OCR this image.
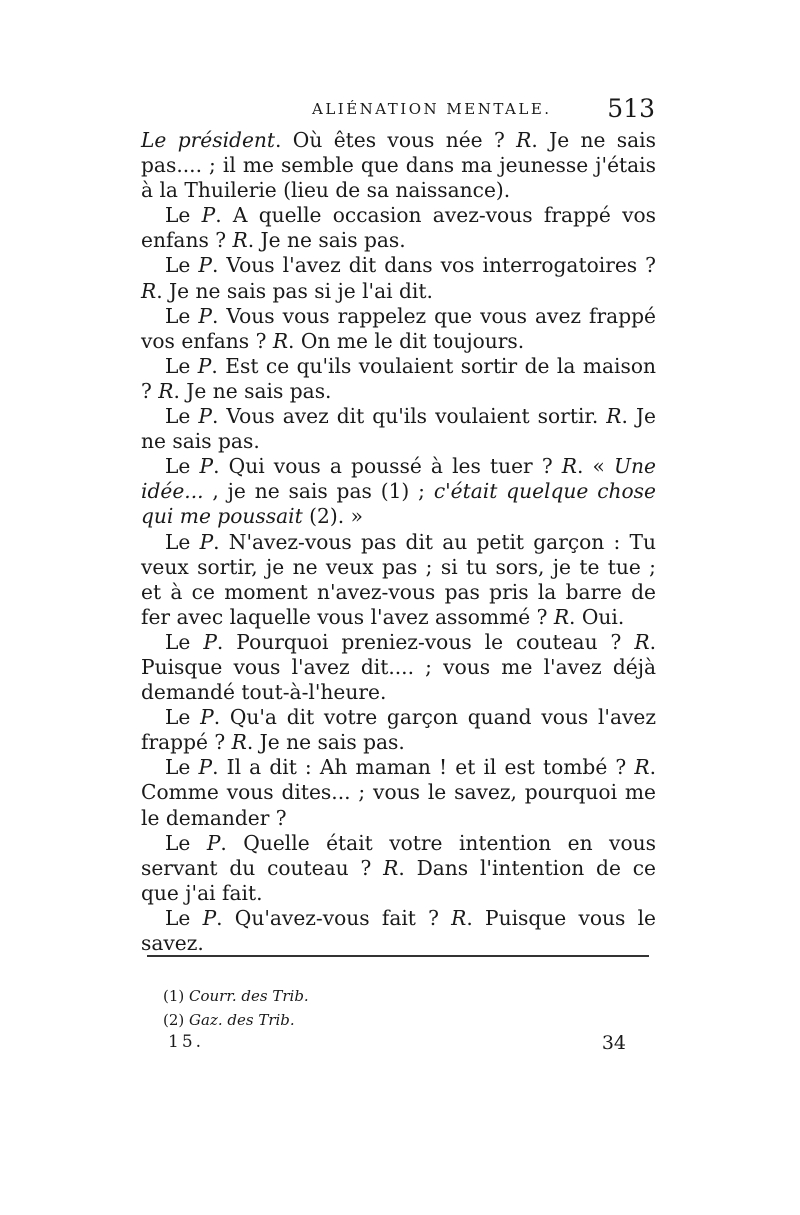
ALIÉNATION MENTALE. 513

Le président. Où êtes vous née ? R. Je ne sais pas.... ; il me semble que dans ma jeunesse j'étais à la Thuilerie (lieu de sa naissance).

Le P. A quelle occasion avez-vous frappé vos enfans ? R. Je ne sais pas.

Le P. Vous l'avez dit dans vos interrogatoires ? R. Je ne sais pas si je l'ai dit.

Le P. Vous vous rappelez que vous avez frappé vos enfans ? R. On me le dit toujours.

Le P. Est ce qu'ils voulaient sortir de la maison ? R. Je ne sais pas.

Le P. Vous avez dit qu'ils voulaient sortir. R. Je ne sais pas.

Le P. Qui vous a poussé à les tuer ? R. « Une idée... , je ne sais pas (1) ; c'était quelque chose qui me poussait (2). »

Le P. N'avez-vous pas dit au petit garçon : Tu veux sortir, je ne veux pas ; si tu sors, je te tue ; et à ce moment n'avez-vous pas pris la barre de fer avec laquelle vous l'avez assommé ? R. Oui.

Le P. Pourquoi preniez-vous le couteau ? R. Puisque vous l'avez dit.... ; vous me l'avez déjà demandé tout-à-l'heure.

Le P. Qu'a dit votre garçon quand vous l'avez frappé ? R. Je ne sais pas.

Le P. Il a dit : Ah maman ! et il est tombé ? R. Comme vous dites... ; vous le savez, pourquoi me le demander ?

Le P. Quelle était votre intention en vous servant du couteau ? R. Dans l'intention de ce que j'ai fait.

Le P. Qu'avez-vous fait ? R. Puisque vous le savez.

(1) Courr. des Trib.
(2) Gaz. des Trib.
15.	34
